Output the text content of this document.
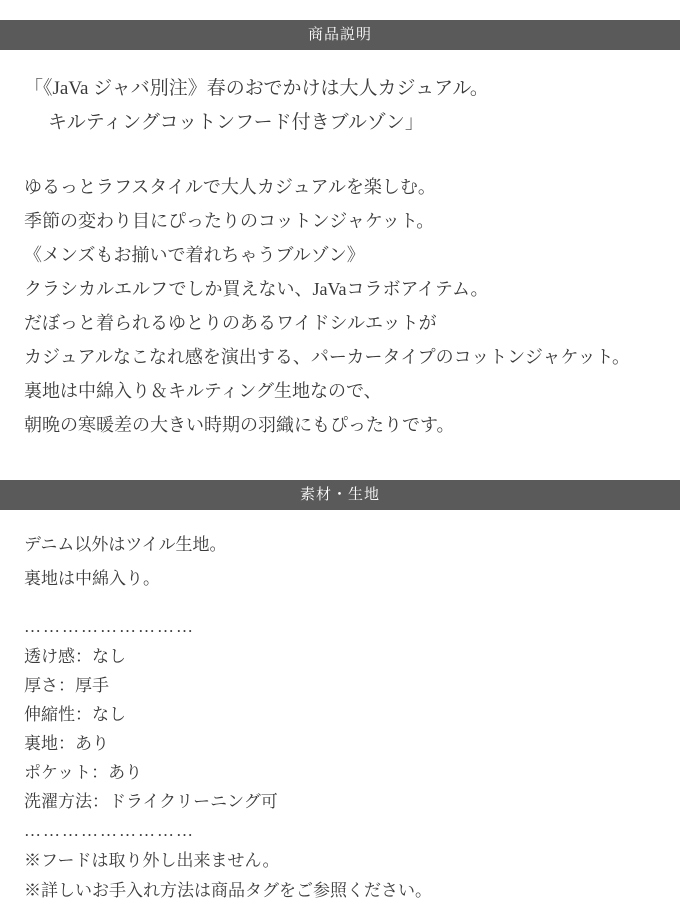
商品説明
「《JaVa ジャバ別注》春のおでかけは大人カジュアル。
キルティングコットンフード付きブルゾン」
ゆるっとラフスタイルで大人カジュアルを楽しむ。
季節の変わり目にぴったりのコットンジャケット。
《メンズもお揃いで着れちゃうブルゾン》
クラシカルエルフでしか買えない、JaVaコラボアイテム。
だぼっと着られるゆとりのあるワイドシルエットが
カジュアルなこなれ感を演出する、パーカータイプのコットンジャケット。
裏地は中綿入り＆キルティング生地なので、
朝晩の寒暖差の大きい時期の羽織にもぴったりです。
素材・生地
デニム以外はツイル生地。
裏地は中綿入り。
………………………
透け感：なし
厚さ：厚手
伸縮性：なし
裏地：あり
ポケット：あり
洗濯方法：ドライクリーニング可
………………………
※フードは取り外し出来ません。
※詳しいお手入れ方法は商品タグをご参照ください。
